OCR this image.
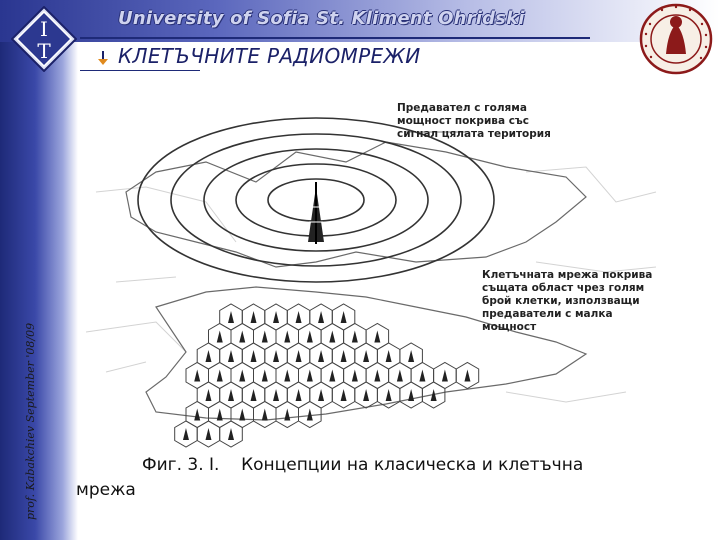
I
T
University of Sofia St. Kliment Ohridski
КЛЕТЪЧНИТЕ РАДИОМРЕЖИ
prof. Kabakchiev September '08/09
Предавател с голяма
мощност покрива със
сигнал цялата територия
Клетъчната мрежа покрива
същата област чрез голям
брой клетки, използващи
предаватели с малка
мощност
Фиг. 3. I.    Концепции на класическа и клетъчна
мрежа
